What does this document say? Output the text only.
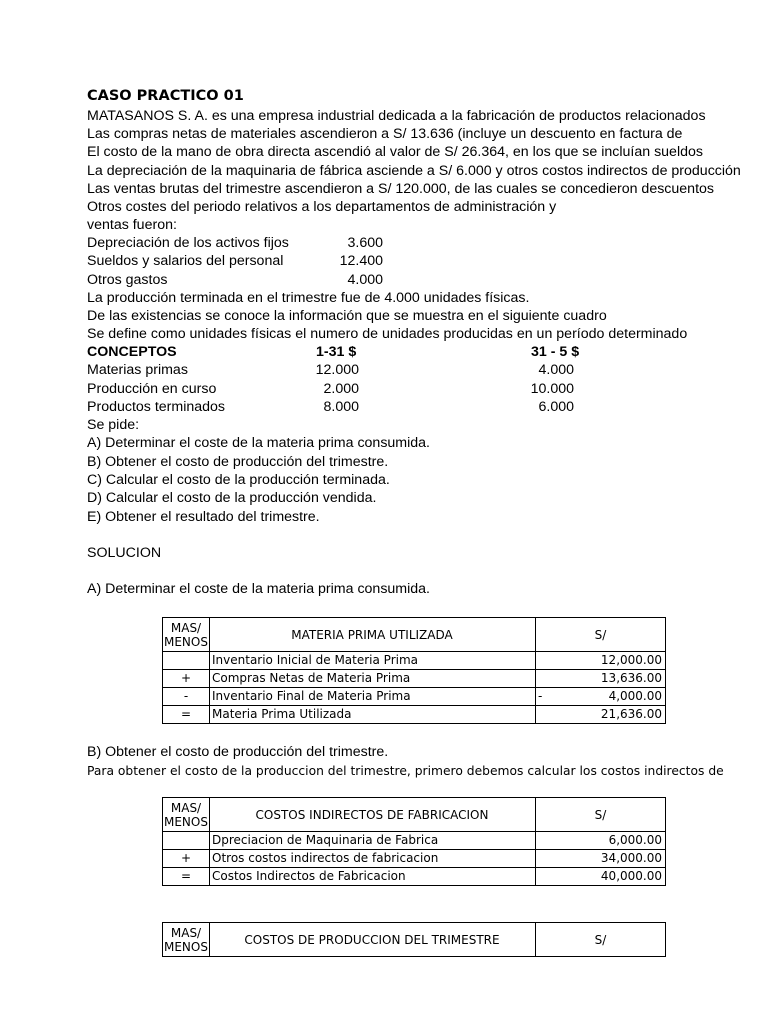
CASO PRACTICO 01
MATASANOS S. A. es una empresa industrial dedicada a la fabricación de productos relacionados
Las compras netas de materiales ascendieron a S/ 13.636 (incluye un descuento en factura de
El costo de la mano de obra directa ascendió al valor de S/ 26.364, en los que se incluían sueldos
La depreciación de la maquinaria de fábrica asciende a S/ 6.000 y otros costos indirectos de producción
Las ventas brutas del trimestre ascendieron a S/ 120.000, de las cuales se concedieron descuentos
Otros costes del periodo relativos a los departamentos de administración y
ventas fueron:
Depreciación de los activos fijos	3.600
Sueldos y salarios del personal	12.400
Otros gastos	4.000
La producción terminada en el trimestre fue de 4.000 unidades físicas.
De las existencias se conoce la información que se muestra en el siguiente cuadro
Se define como unidades físicas el numero de unidades producidas en un período determinado
CONCEPTOS	1-31 $	31 - 5 $
Materias primas	12.000	4.000
Producción en curso	2.000	10.000
Productos terminados	8.000	6.000
Se pide:
A) Determinar el coste de la materia prima consumida.
B) Obtener el costo de producción del trimestre.
C) Calcular el costo de la producción terminada.
D) Calcular el costo de la producción vendida.
E) Obtener el resultado del trimestre.
SOLUCION
A) Determinar el coste de la materia prima consumida.
MAS/
MENOS	MATERIA PRIMA UTILIZADA	S/
	Inventario Inicial de Materia Prima	12,000.00
+	Compras Netas de Materia Prima	13,636.00
-	Inventario Final de Materia Prima	- 4,000.00
=	Materia Prima Utilizada	21,636.00
B) Obtener el costo de producción del trimestre.
Para obtener el costo de la produccion del trimestre, primero debemos calcular los costos indirectos de
MAS/
MENOS	COSTOS INDIRECTOS DE FABRICACION	S/
	Dpreciacion de Maquinaria de Fabrica	6,000.00
+	Otros costos indirectos de fabricacion	34,000.00
=	Costos Indirectos de Fabricacion	40,000.00
MAS/
MENOS	COSTOS DE PRODUCCION DEL TRIMESTRE	S/
